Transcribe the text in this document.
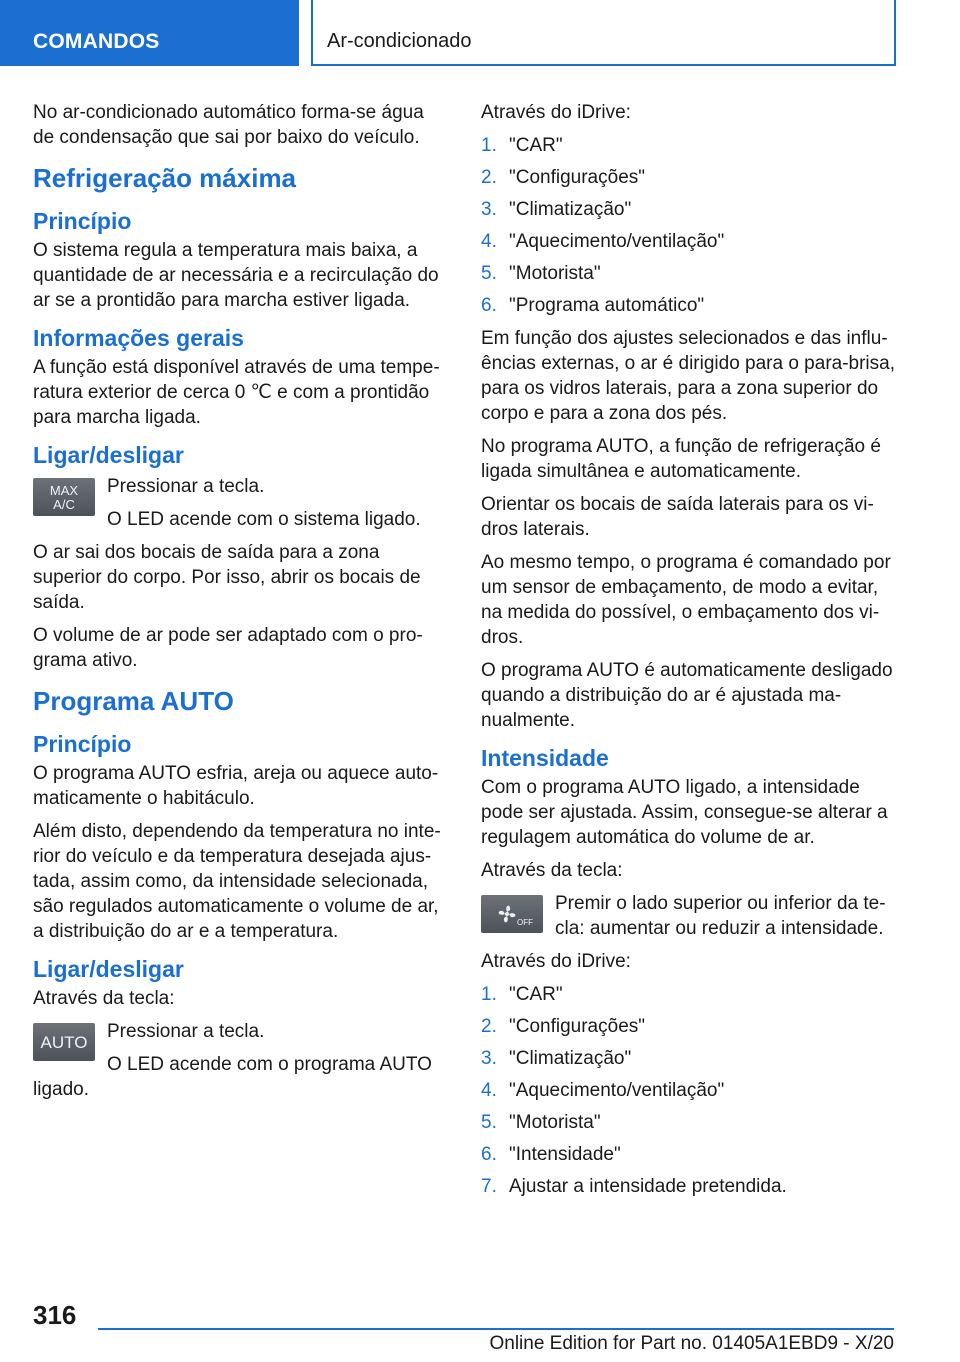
COMANDOS	Ar-condicionado

No ar-condicionado automático forma-se água de condensação que sai por baixo do veículo.

Refrigeração máxima
Princípio

O sistema regula a temperatura mais baixa, a quantidade de ar necessária e a recirculação do ar se a prontidão para marcha estiver ligada.

Informações gerais

A função está disponível através de uma temperatura exterior de cerca 0 ℃ e com a prontidão para marcha ligada.

Ligar/desligar
MAX
A/C

Pressionar a tecla.

O LED acende com o sistema ligado.

O ar sai dos bocais de saída para a zona superior do corpo. Por isso, abrir os bocais de saída.

O volume de ar pode ser adaptado com o programa ativo.

Programa AUTO
Princípio

O programa AUTO esfria, areja ou aquece automaticamente o habitáculo.

Além disto, dependendo da temperatura no interior do veículo e da temperatura desejada ajustada, assim como, da intensidade selecionada, são regulados automaticamente o volume de ar, a distribuição do ar e a temperatura.

Ligar/desligar

Através da tecla:

AUTO

Pressionar a tecla.

O LED acende com o programa AUTO

ligado.

Através do iDrive:

1. "CAR"
2. "Configurações"
3. "Climatização"
4. "Aquecimento/ventilação"
5. "Motorista"
6. "Programa automático"

Em função dos ajustes selecionados e das influências externas, o ar é dirigido para o para-brisa, para os vidros laterais, para a zona superior do corpo e para a zona dos pés.

No programa AUTO, a função de refrigeração é ligada simultânea e automaticamente.

Orientar os bocais de saída laterais para os vidros laterais.

Ao mesmo tempo, o programa é comandado por um sensor de embaçamento, de modo a evitar, na medida do possível, o embaçamento dos vidros.

O programa AUTO é automaticamente desligado quando a distribuição do ar é ajustada manualmente.

Intensidade

Com o programa AUTO ligado, a intensidade pode ser ajustada. Assim, consegue-se alterar a regulagem automática do volume de ar.

Através da tecla:

OFF

Premir o lado superior ou inferior da tecla: aumentar ou reduzir a intensidade.

Através do iDrive:

1. "CAR"
2. "Configurações"
3. "Climatização"
4. "Aquecimento/ventilação"
5. "Motorista"
6. "Intensidade"
7. Ajustar a intensidade pretendida.
316
Online Edition for Part no. 01405A1EBD9 - X/20
